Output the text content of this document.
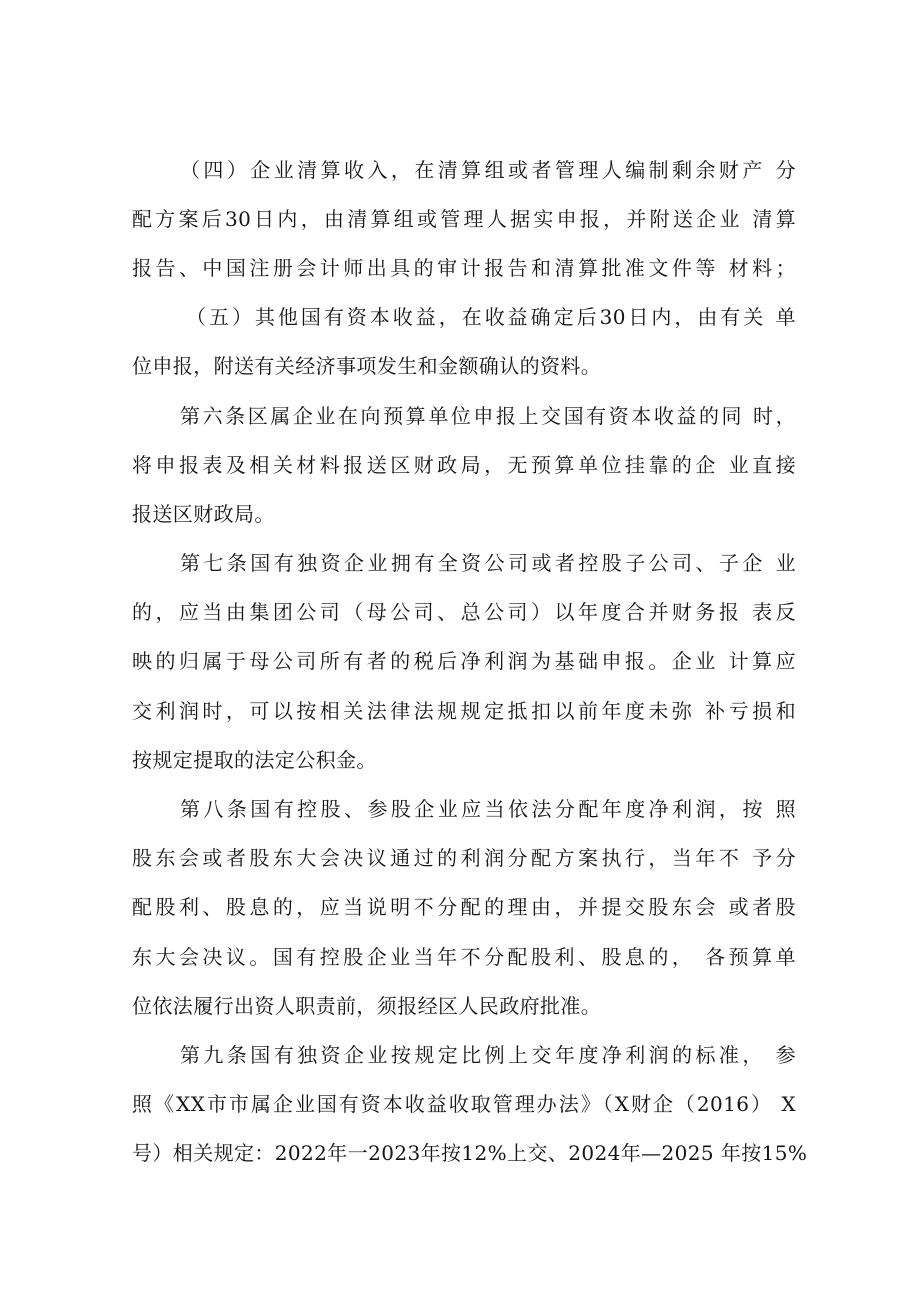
（四）企业清算收入，在清算组或者管理人编制剩余财产 分

配方案后30日内，由清算组或管理人据实申报，并附送企业 清算

报告、中国注册会计师出具的审计报告和清算批准文件等 材料；

（五）其他国有资本收益，在收益确定后30日内，由有关 单

位申报，附送有关经济事项发生和金额确认的资料。

第六条区属企业在向预算单位申报上交国有资本收益的同 时，

将申报表及相关材料报送区财政局，无预算单位挂靠的企 业直接

报送区财政局。

第七条国有独资企业拥有全资公司或者控股子公司、子企 业

的，应当由集团公司（母公司、总公司）以年度合并财务报 表反

映的归属于母公司所有者的税后净利润为基础申报。企业 计算应

交利润时，可以按相关法律法规规定抵扣以前年度未弥 补亏损和

按规定提取的法定公积金。

第八条国有控股、参股企业应当依法分配年度净利润，按 照

股东会或者股东大会决议通过的利润分配方案执行，当年不 予分

配股利、股息的，应当说明不分配的理由，并提交股东会 或者股

东大会决议。国有控股企业当年不分配股利、股息的， 各预算单

位依法履行出资人职责前，须报经区人民政府批准。

第九条国有独资企业按规定比例上交年度净利润的标准， 参

照《XX市市属企业国有资本收益收取管理办法》（X财企（2016） X

号）相关规定：2022年一2023年按12%上交、2024年—2025 年按15%
